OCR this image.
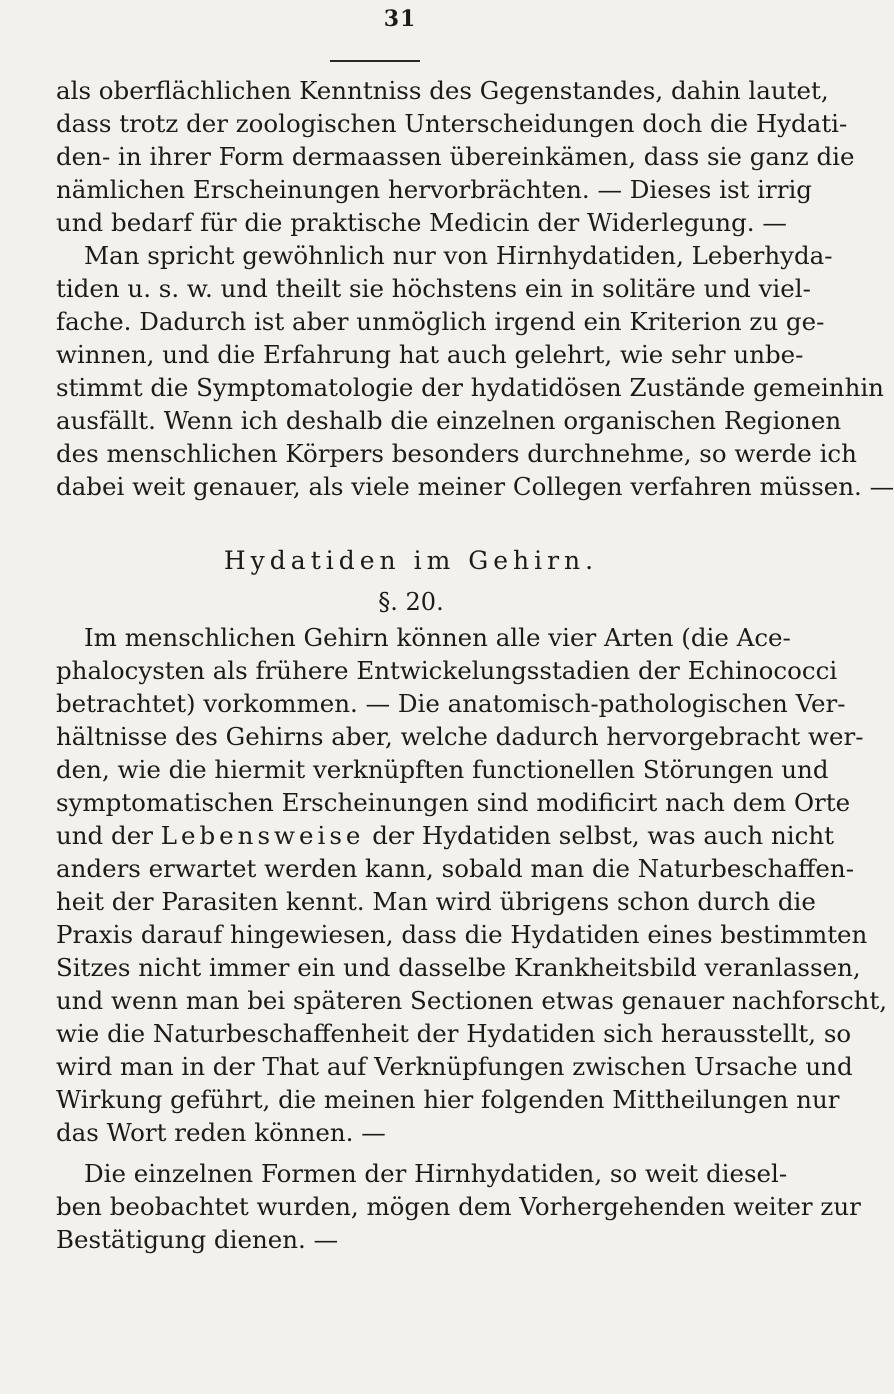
31
als oberflächlichen Kenntniss des Gegenstandes, dahin lautet,
dass trotz der zoologischen Unterscheidungen doch die Hydati-
den- in ihrer Form dermaassen übereinkämen, dass sie ganz die
nämlichen Erscheinungen hervorbrächten. — Dieses ist irrig
und bedarf für die praktische Medicin der Widerlegung. —
Man spricht gewöhnlich nur von Hirnhydatiden, Leberhyda-
tiden u. s. w. und theilt sie höchstens ein in solitäre und viel-
fache. Dadurch ist aber unmöglich irgend ein Kriterion zu ge-
winnen, und die Erfahrung hat auch gelehrt, wie sehr unbe-
stimmt die Symptomatologie der hydatidösen Zustände gemeinhin
ausfällt. Wenn ich deshalb die einzelnen organischen Regionen
des menschlichen Körpers besonders durchnehme, so werde ich
dabei weit genauer, als viele meiner Collegen verfahren müssen. —
Hydatiden im Gehirn.
§. 20.
Im menschlichen Gehirn können alle vier Arten (die Ace-
phalocysten als frühere Entwickelungsstadien der Echinococci
betrachtet) vorkommen. — Die anatomisch-pathologischen Ver-
hältnisse des Gehirns aber, welche dadurch hervorgebracht wer-
den, wie die hiermit verknüpften functionellen Störungen und
symptomatischen Erscheinungen sind modificirt nach dem Orte
und der Lebensweise der Hydatiden selbst, was auch nicht
anders erwartet werden kann, sobald man die Naturbeschaffen-
heit der Parasiten kennt. Man wird übrigens schon durch die
Praxis darauf hingewiesen, dass die Hydatiden eines bestimmten
Sitzes nicht immer ein und dasselbe Krankheitsbild veranlassen,
und wenn man bei späteren Sectionen etwas genauer nachforscht,
wie die Naturbeschaffenheit der Hydatiden sich herausstellt, so
wird man in der That auf Verknüpfungen zwischen Ursache und
Wirkung geführt, die meinen hier folgenden Mittheilungen nur
das Wort reden können. —
Die einzelnen Formen der Hirnhydatiden, so weit diesel-
ben beobachtet wurden, mögen dem Vorhergehenden weiter zur
Bestätigung dienen. —
